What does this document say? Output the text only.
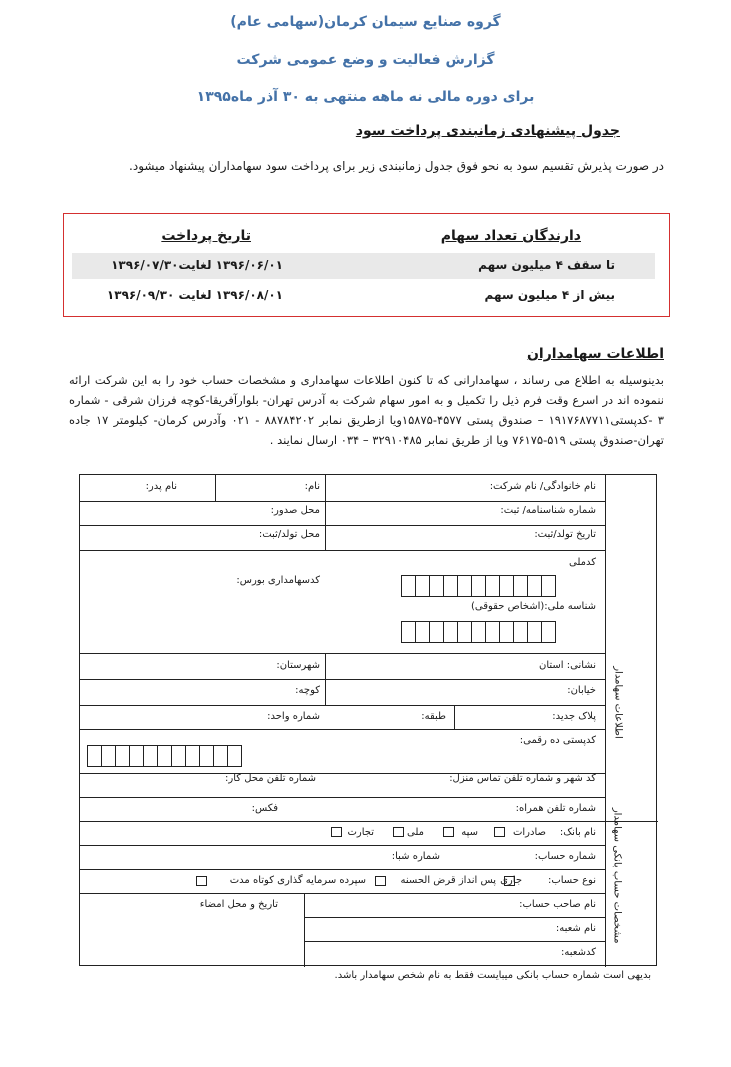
گروه صنایع سیمان کرمان(سهامی عام)
گزارش فعالیت و وضع عمومی شرکت
برای دوره مالی نه ماهه منتهی به ۳۰ آذر ماه۱۳۹۵
جدول پیشنهادی زمانبندی پرداخت سود
در صورت پذیرش تقسیم سود به نحو فوق جدول زمانبندی زیر برای پرداخت سود سهامداران پیشنهاد میشود.
دارندگان تعداد سهام
تاریخ پرداخت
تا سقف ۴ میلیون سهم
۱۳۹۶/۰۶/۰۱ لغایت۱۳۹۶/۰۷/۳۰
بیش از ۴ میلیون سهم
۱۳۹۶/۰۸/۰۱ لغایت ۱۳۹۶/۰۹/۳۰
اطلاعات سهامداران
بدینوسیله به اطلاع می رساند ، سهامدارانی که تا کنون اطلاعات سهامداری و مشخصات حساب خود را به این شرکت ارائه ننموده اند در اسرع وقت فرم ذیل را تکمیل و به امور سهام شرکت به آدرس تهران- بلوارآفریقا-کوچه فرزان شرقی - شماره ۳ -کدپستی۱۹۱۷۶۸۷۷۱۱ – صندوق پستی ۴۵۷۷-۱۵۸۷۵ویا ازطریق نمابر ۸۸۷۸۴۲۰۲ - ۰۲۱ وآدرس کرمان- کیلومتر ۱۷ جاده تهران-صندوق پستی ۵۱۹-۷۶۱۷۵ ویا از طریق نمابر ۳۲۹۱۰۴۸۵ – ۰۳۴ ارسال نمایند .
اطلاعات سهامدار
مشخصات حساب بانکی سهامدار
نام خانوادگی/ نام شرکت:
نام:
نام پدر:
شماره شناسنامه/ ثبت:
محل صدور:
تاریخ تولد/ثبت:
محل تولد/ثبت:
کدملی
کدسهامداری بورس:
شناسه ملی:(اشخاص حقوقی)
نشانی: استان
شهرستان:
خیابان:
کوچه:
پلاک جدید:
طبقه:
شماره واحد:
کدپستی ده رقمی:
کد شهر و شماره تلفن تماس منزل:
شماره تلفن محل کار:
شماره تلفن همراه:
فکس:
نام بانک:
صادرات
سپه
ملی
تجارت
شماره حساب:
شماره شبا:
نوع حساب:
جاری
پس انداز قرض الحسنه
سپرده سرمایه گذاری کوتاه مدت
نام صاحب حساب:
نام شعبه:
کدشعبه:
تاریخ و محل امضاء
بدیهی است شماره حساب بانکی میبایست فقط به نام شخص سهامدار باشد.
